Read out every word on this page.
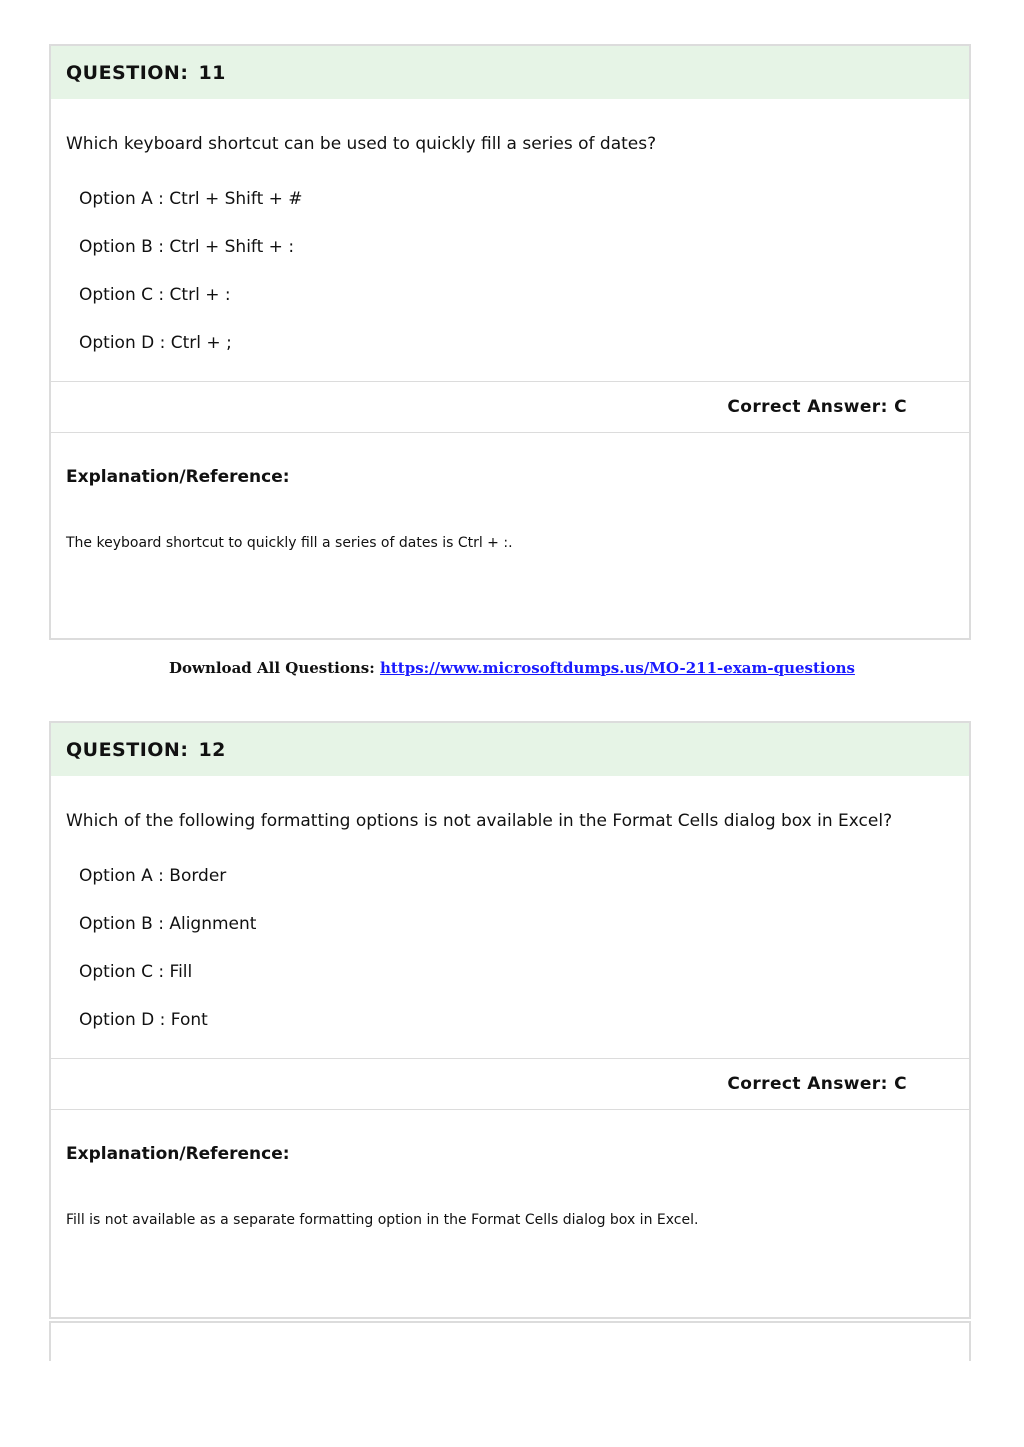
QUESTION: 11
Which keyboard shortcut can be used to quickly fill a series of dates?
Option A : Ctrl + Shift + #
Option B : Ctrl + Shift + :
Option C : Ctrl + :
Option D : Ctrl + ;
Correct Answer: C
Explanation/Reference:
The keyboard shortcut to quickly fill a series of dates is Ctrl + :.
Download All Questions: https://www.microsoftdumps.us/MO-211-exam-questions
QUESTION: 12
Which of the following formatting options is not available in the Format Cells dialog box in Excel?
Option A : Border
Option B : Alignment
Option C : Fill
Option D : Font
Correct Answer: C
Explanation/Reference:
Fill is not available as a separate formatting option in the Format Cells dialog box in Excel.
